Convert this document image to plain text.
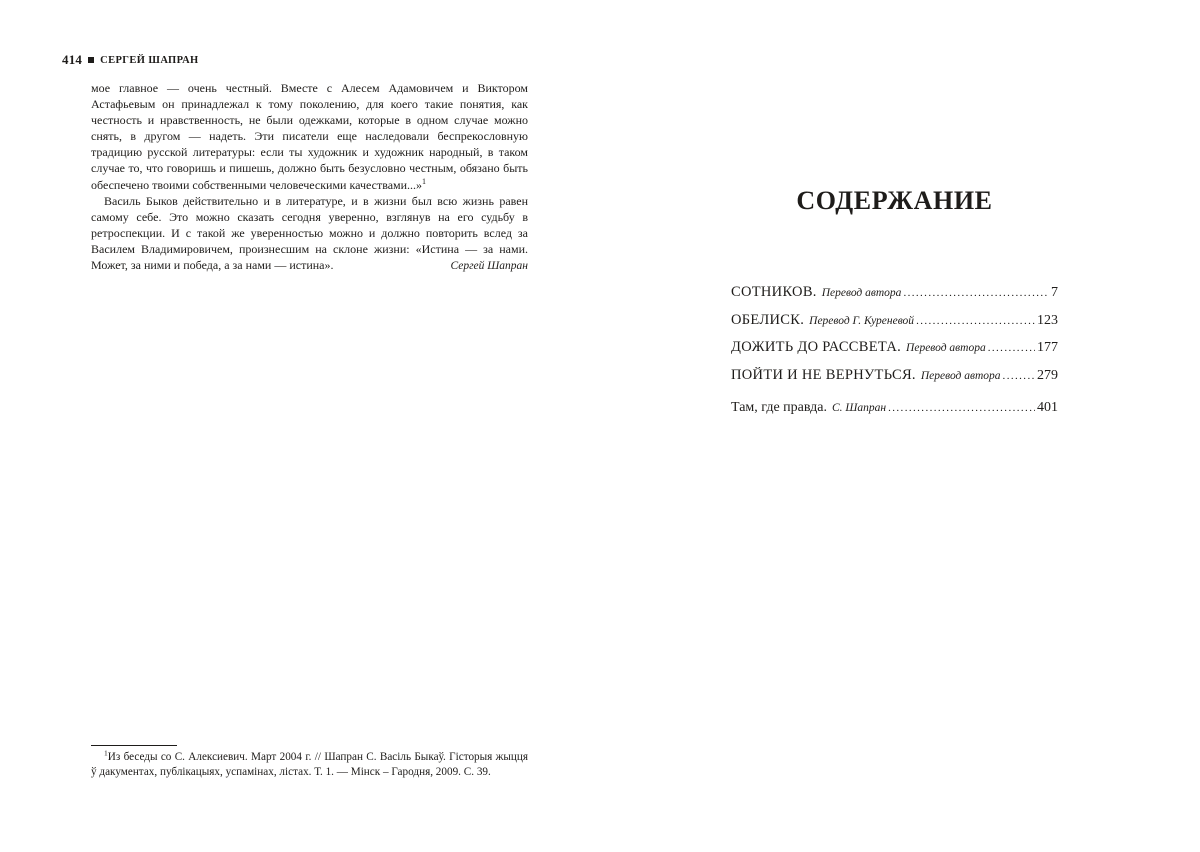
414 СЕРГЕЙ ШАПРАН

мое главное — очень честный. Вместе с Алесем Адамовичем и Виктором Астафьевым он принадлежал к тому поколению, для коего такие понятия, как честность и нравственность, не были одежками, которые в одном случае можно снять, в другом — надеть. Эти писатели еще наследовали беспрекословную традицию русской литературы: если ты художник и художник народный, в таком случае то, что говоришь и пишешь, должно быть безусловно честным, обязано быть обеспечено твоими собственными человеческими качествами...»$^1$

Василь Быков действительно и в литературе, и в жизни был всю жизнь равен самому себе. Это можно сказать сегодня уверенно, взглянув на его судьбу в ретроспекции. И с такой же уверенностью можно и должно повторить вслед за Василем Владимировичем, произнесшим на склоне жизни: «Истина — за нами. Может, за ними и победа, а за нами — истина».	Сергей Шапран
$^1$Из беседы со С. Алексиевич. Март 2004 г. // Шапран С. Васіль Быкаў. Гісторыя жыцця ў дакументах, публікацыях, успамінах, лістах. Т. 1. — Мінск – Гародня, 2009. С. 39.
СОДЕРЖАНИЕ
СОТНИКОВ. Перевод автора .....	7
ОБЕЛИСК. Перевод Г. Куреневой .....	123
ДОЖИТЬ ДО РАССВЕТА. Перевод автора .....	177
ПОЙТИ И НЕ ВЕРНУТЬСЯ. Перевод автора .....	279
Там, где правда. С. Шапран .....	401
